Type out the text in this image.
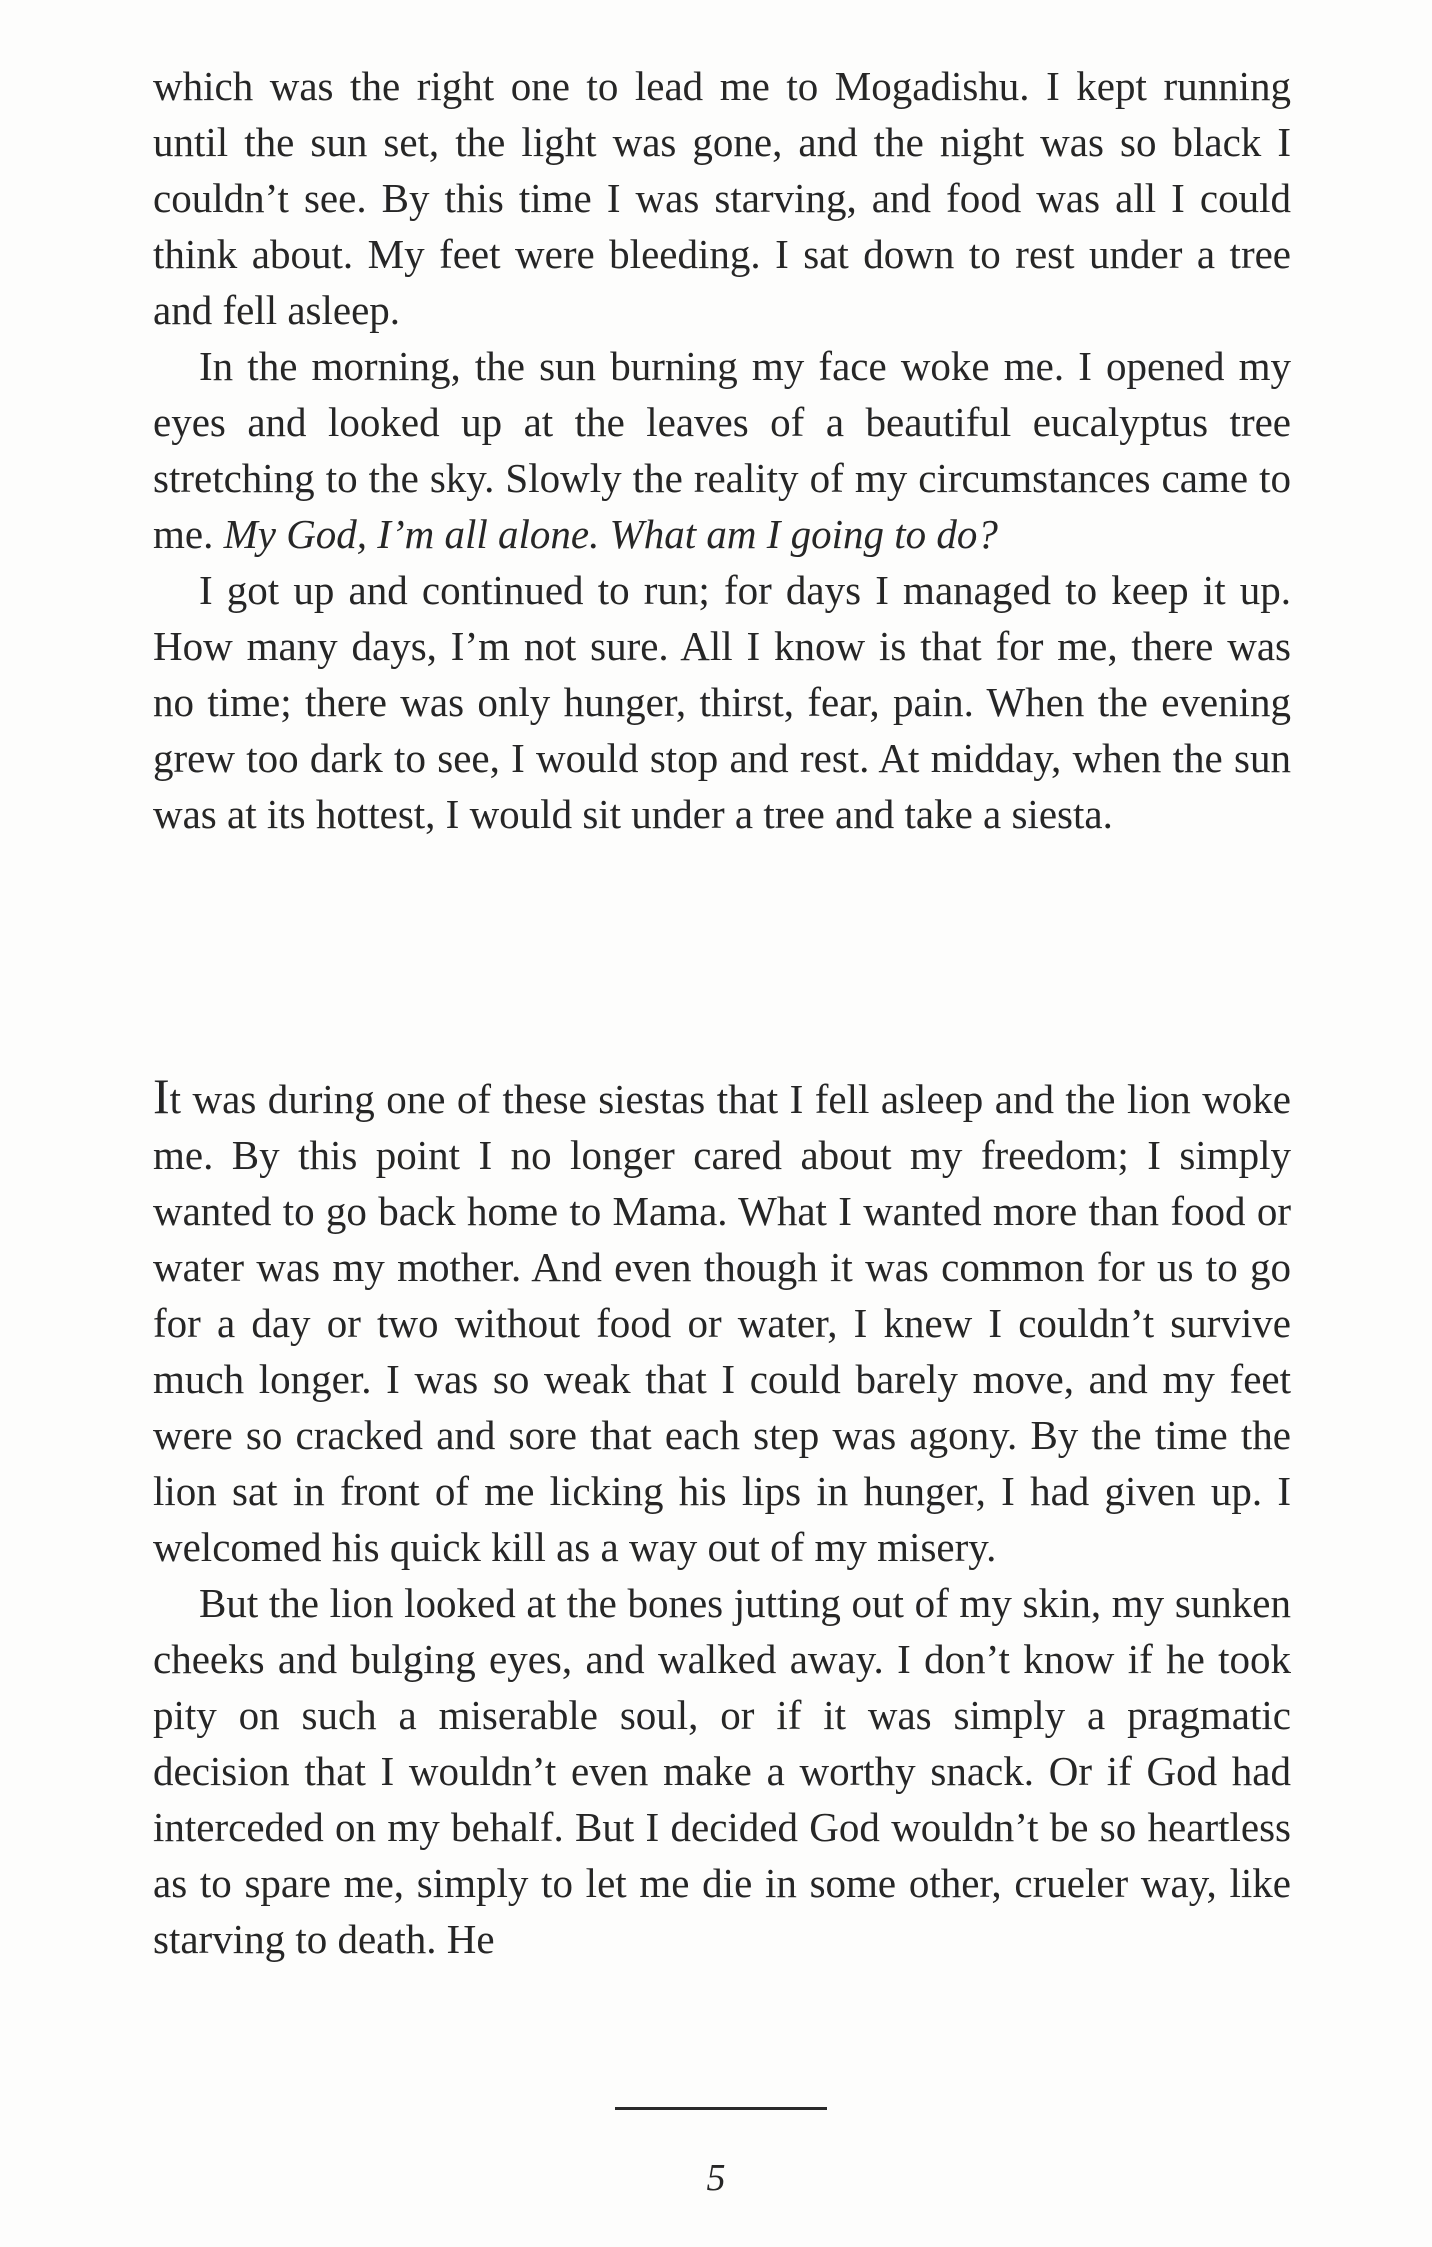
which was the right one to lead me to Mogadishu. I kept running until the sun set, the light was gone, and the night was so black I couldn’t see. By this time I was starving, and food was all I could think about. My feet were bleeding. I sat down to rest under a tree and fell asleep.

In the morning, the sun burning my face woke me. I opened my eyes and looked up at the leaves of a beautiful eucalyptus tree stretching to the sky. Slowly the reality of my circumstances came to me. My God, I’m all alone. What am I going to do?

I got up and continued to run; for days I managed to keep it up. How many days, I’m not sure. All I know is that for me, there was no time; there was only hunger, thirst, fear, pain. When the evening grew too dark to see, I would stop and rest. At midday, when the sun was at its hottest, I would sit under a tree and take a siesta.

It was during one of these siestas that I fell asleep and the lion woke me. By this point I no longer cared about my freedom; I simply wanted to go back home to Mama. What I wanted more than food or water was my mother. And even though it was common for us to go for a day or two without food or water, I knew I couldn’t survive much longer. I was so weak that I could barely move, and my feet were so cracked and sore that each step was agony. By the time the lion sat in front of me licking his lips in hunger, I had given up. I welcomed his quick kill as a way out of my misery.

But the lion looked at the bones jutting out of my skin, my sunken cheeks and bulging eyes, and walked away. I don’t know if he took pity on such a miserable soul, or if it was simply a pragmatic decision that I wouldn’t even make a worthy snack. Or if God had interceded on my behalf. But I decided God wouldn’t be so heartless as to spare me, simply to let me die in some other, crueler way, like starving to death. He

5
